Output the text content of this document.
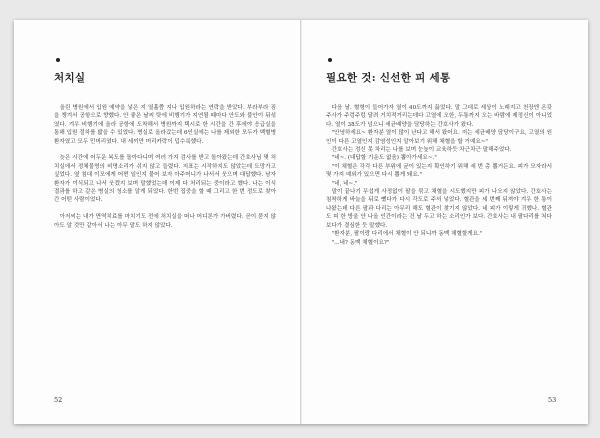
처치실

올린 병원에서 입원 예약을 넣은 지 열흘쯤 지나 입원하라는 연락을 받았다. 부라부라 짐을 챙겨서 공항으로 향했다. 안 좋은 날씨 탓에 비행기가 지연될 때마다 안도와 불안이 뒤섞였다. 겨우 비행기에 올라 공항에 도착해서 병원까지 택시로 한 시간을 간 후에야 응급실을 통해 입원 절차를 밟을 수 있었다. 병실로 올라갔는데 6인실에는 나를 제외한 모두가 백혈병 환자였고 모두 민머리였다. 내 세끼만 머리카락이 덥수룩했다.

늦은 시간에 어두운 복도를 돌아다니며 여러 가지 검사를 받고 돌아왔는데 간호사님 몇 처치실에서 정체불명의 비명소리가 쉬지 않고 들렸다. 지표는 시작하지도 않았는데 도망가고 싶었다. 옆 침대 이모에게 어쩐 일인지 물어 보자 아주머니가 나서서 웃으며 대답했다. 남자 환자가 이식되고 나서 웃겠지 보며 말했었는데 이제 다 처리되는 중이라고 했다. 나는 이식결과를 하고 같은 병실의 청소를 알게 되었다. 한번 집중을 할 때 그리고 한 번 정도로 찾아간 어떤 사람이었다.

아저씨는 내가 면역치료를 마치기도 전에 처치실을 떠나 어디론가 가버렸다. 곧이 묻지 않아도 알 것만 같아서 나는 아무 말도 하지 않았다.

52
필요한 것: 신선한 피 세통

다음 날. 혈형이 들어가자 열이 40도까지 끓었다. 말 그대로 세상이 노래지고 천장엔 온갖 주사가 주렁주렁 달려 거치적거리는데다 고열에 오한, 두통까지 오는 바람에 제정신이 아니었다. 열이 38도가 넘으니 세균배양을 담당하는 간호사가 왔다.

"안녕하세요~ 환자분 열이 많이 난다고 해서 왔어요. 저는 세균배양 담당이구요, 고열의 원인이 다른 고열인지 감염성인지 알아보기 위해 채혈을 할 거예요~"

간호사는 정신 못 차리는 나를 보며 눈높이 교육하듯 차근차근 말해주었다.

"네~. (대답할 기운도 없음) 뽑아가세요~."

"이 채혈은 각각 다른 부위에 균이 있는지 확인하기 위해 세 번 총 뽑거든요. 피가 모자라서 몇 가지 예외가 있으면 다시 뽑게 돼요."

"네, 네~."

말이 끝나기 무섭게 사정없이 팔을 묶고 채혈을 시도했지만 피가 나오지 않았다. 간호사는 침착하게 바늘을 뒤로 뺐다가 다시 각도로 주셔 넣었다. 혈관을 세 번째 뒤져야 겨우 한 통이 나왔는데 다른 팔과 다리는 아무리 해도 혈관이 찾기지 않았다. 네 피가 이렇게 귀했나. 혈관도 피 한 방울 안 나올 인간이라는 건 날 두고 하는 소리인가 보다. 간호사는 내 팔다리를 쳐다보다가 결심한 듯 말했다.

"환자분, 팔이랑 다리에서 채혈이 안 되니까 동맥 채혈할게요."

"...네? 동맥 채혈이요?"

53
